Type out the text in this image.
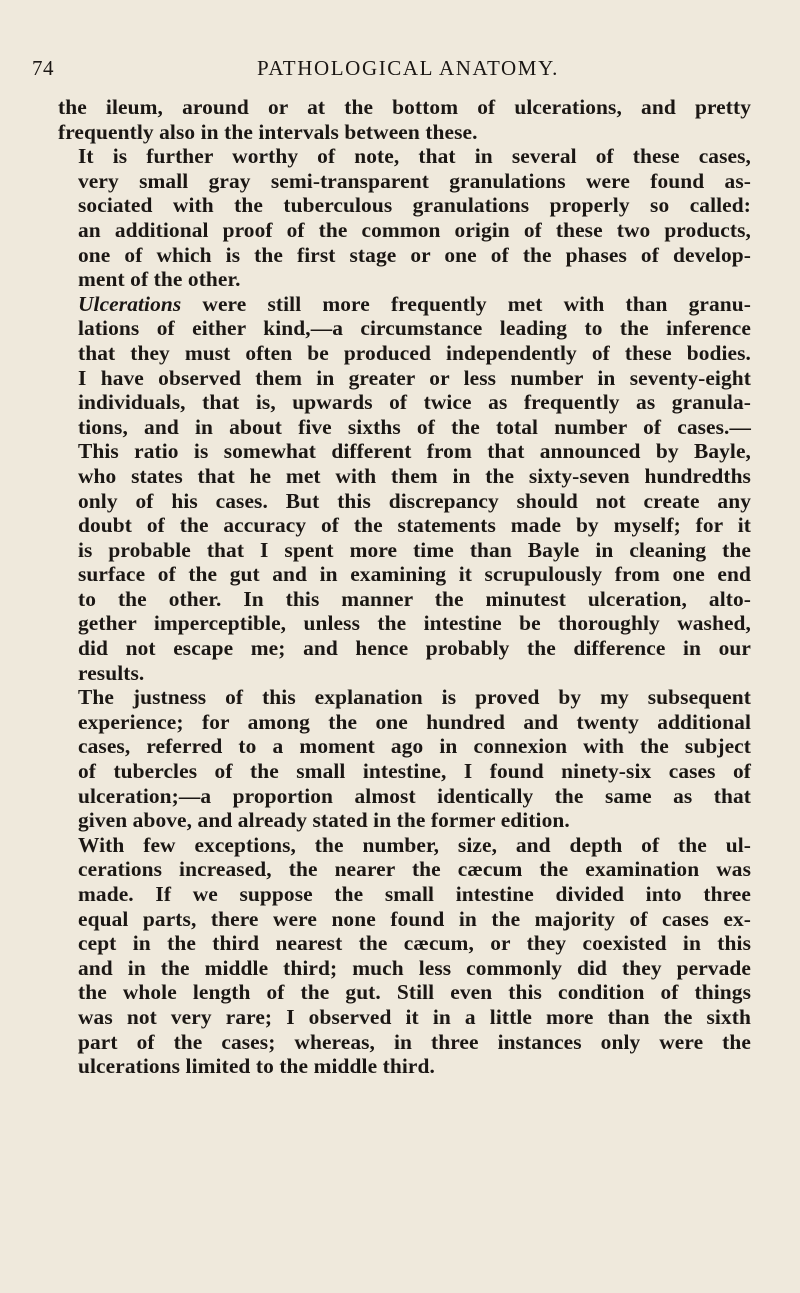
74	PATHOLOGICAL ANATOMY.

the ileum, around or at the bottom of ulcerations, and pretty
frequently also in the intervals between these.

It is further worthy of note, that in several of these cases,
very small gray semi-transparent granulations were found as-
sociated with the tuberculous granulations properly so called:
an additional proof of the common origin of these two products,
one of which is the first stage or one of the phases of develop-
ment of the other.

Ulcerations were still more frequently met with than granu-
lations of either kind,—a circumstance leading to the inference
that they must often be produced independently of these bodies.
I have observed them in greater or less number in seventy-eight
individuals, that is, upwards of twice as frequently as granula-
tions, and in about five sixths of the total number of cases.—
This ratio is somewhat different from that announced by Bayle,
who states that he met with them in the sixty-seven hundredths
only of his cases. But this discrepancy should not create any
doubt of the accuracy of the statements made by myself; for it
is probable that I spent more time than Bayle in cleaning the
surface of the gut and in examining it scrupulously from one end
to the other. In this manner the minutest ulceration, alto-
gether imperceptible, unless the intestine be thoroughly washed,
did not escape me; and hence probably the difference in our
results.

The justness of this explanation is proved by my subsequent
experience; for among the one hundred and twenty additional
cases, referred to a moment ago in connexion with the subject
of tubercles of the small intestine, I found ninety-six cases of
ulceration;—a proportion almost identically the same as that
given above, and already stated in the former edition.

With few exceptions, the number, size, and depth of the ul-
cerations increased, the nearer the cæcum the examination was
made. If we suppose the small intestine divided into three
equal parts, there were none found in the majority of cases ex-
cept in the third nearest the cæcum, or they coexisted in this
and in the middle third; much less commonly did they pervade
the whole length of the gut. Still even this condition of things
was not very rare; I observed it in a little more than the sixth
part of the cases; whereas, in three instances only were the
ulcerations limited to the middle third.
